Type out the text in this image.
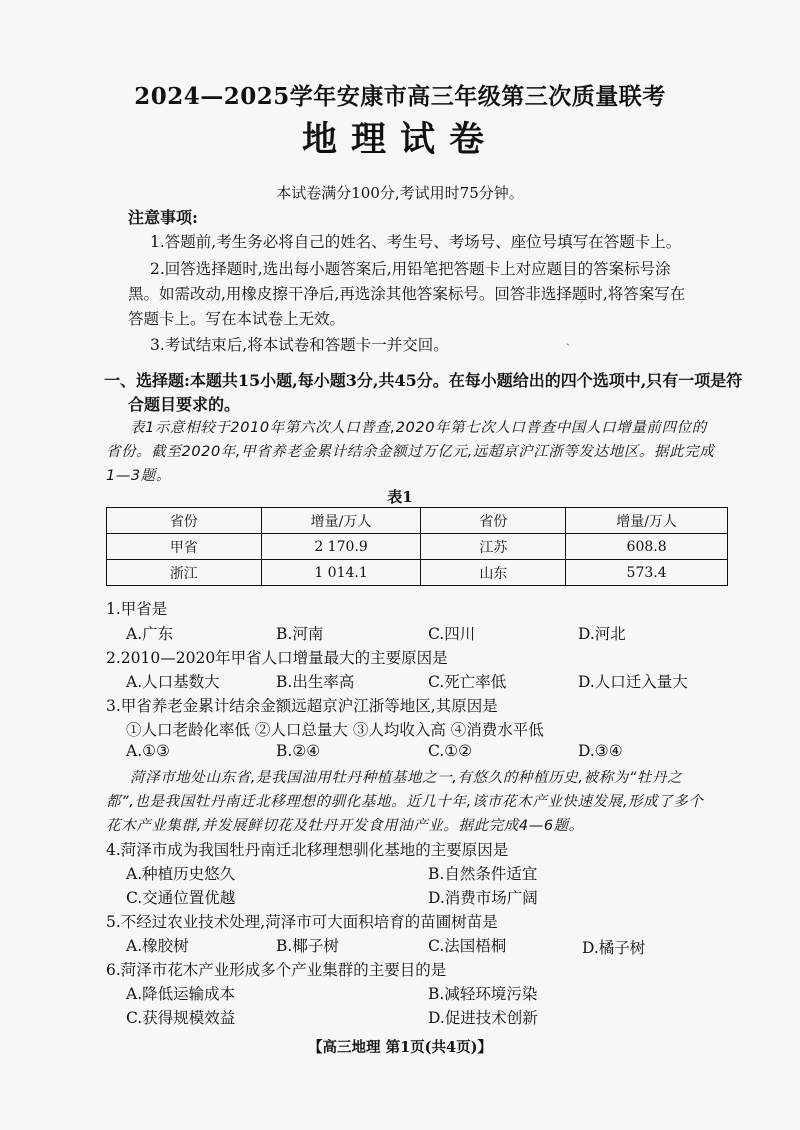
2024—2025学年安康市高三年级第三次质量联考
地理试卷
本试卷满分100分,考试用时75分钟。
注意事项:
1.答题前,考生务必将自己的姓名、考生号、考场号、座位号填写在答题卡上。
2.回答选择题时,选出每小题答案后,用铅笔把答题卡上对应题目的答案标号涂
黑。如需改动,用橡皮擦干净后,再选涂其他答案标号。回答非选择题时,将答案写在
答题卡上。写在本试卷上无效。
3.考试结束后,将本试卷和答题卡一并交回。
ˊ
ˏ
一、选择题:本题共15小题,每小题3分,共45分。在每小题给出的四个选项中,只有一项是符
合题目要求的。
表1示意相较于2010年第六次人口普查,2020年第七次人口普查中国人口增量前四位的
省份。截至2020年,甲省养老金累计结余金额过万亿元,远超京沪江浙等发达地区。据此完成
1—3题。
表1
省份	增量/万人	省份	增量/万人
甲省	2 170.9	江苏	608.8
浙江	1 014.1	山东	573.4
1.甲省是
A.广东	B.河南	C.四川	D.河北
2.2010—2020年甲省人口增量最大的主要原因是
A.人口基数大	B.出生率高	C.死亡率低	D.人口迁入量大
3.甲省养老金累计结余金额远超京沪江浙等地区,其原因是
①人口老龄化率低 ②人口总量大 ③人均收入高 ④消费水平低
A.①③	B.②④	C.①②	D.③④
菏泽市地处山东省,是我国油用牡丹种植基地之一,有悠久的种植历史,被称为“牡丹之
都”,也是我国牡丹南迁北移理想的驯化基地。近几十年,该市花木产业快速发展,形成了多个
花木产业集群,并发展鲜切花及牡丹开发食用油产业。据此完成4—6题。
4.菏泽市成为我国牡丹南迁北移理想驯化基地的主要原因是
A.种植历史悠久	B.自然条件适宜
C.交通位置优越	D.消费市场广阔
5.不经过农业技术处理,菏泽市可大面积培育的苗圃树苗是
A.橡胶树	B.椰子树	C.法国梧桐	D.橘子树
6.菏泽市花木产业形成多个产业集群的主要目的是
A.降低运输成本	B.减轻环境污染
C.获得规模效益	D.促进技术创新
【高三地理 第1页(共4页)】
